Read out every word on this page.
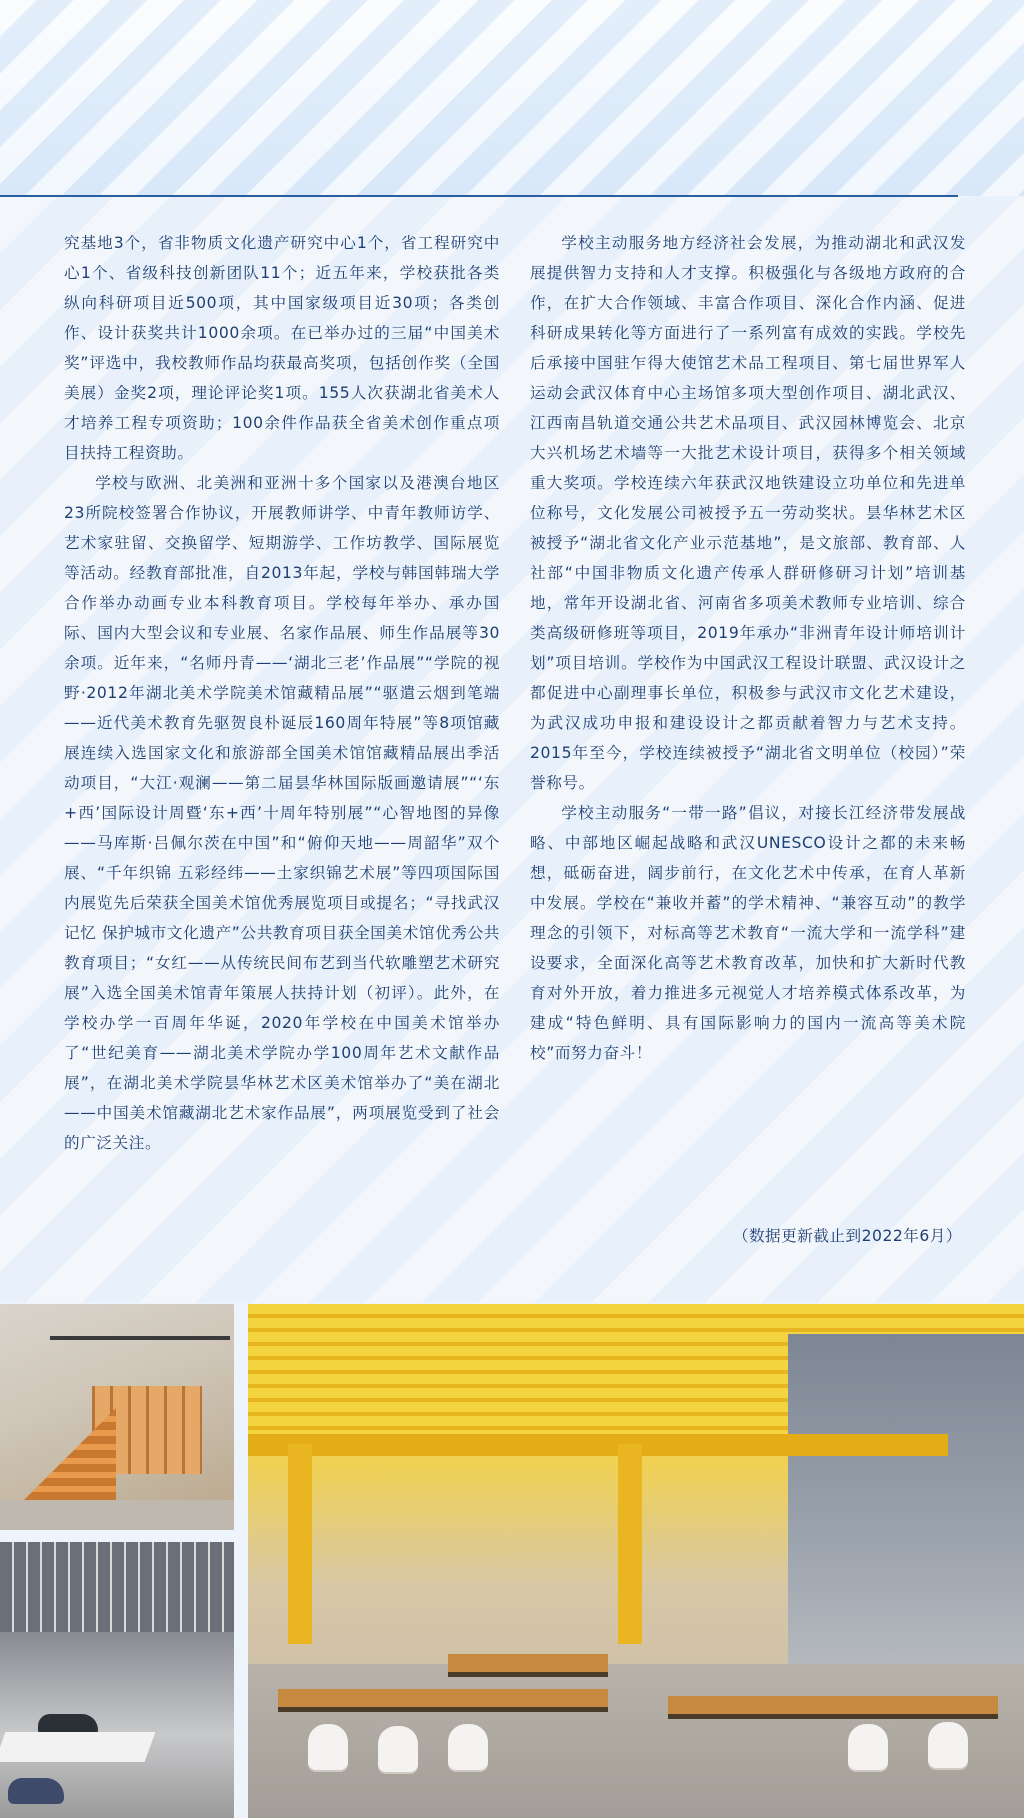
究基地3个，省非物质文化遗产研究中心1个，省工程研究中心1个、省级科技创新团队11个；近五年来，学校获批各类纵向科研项目近500项，其中国家级项目近30项；各类创作、设计获奖共计1000余项。在已举办过的三届“中国美术奖”评选中，我校教师作品均获最高奖项，包括创作奖（全国美展）金奖2项，理论评论奖1项。155人次获湖北省美术人才培养工程专项资助；100余件作品获全省美术创作重点项目扶持工程资助。

学校与欧洲、北美洲和亚洲十多个国家以及港澳台地区23所院校签署合作协议，开展教师讲学、中青年教师访学、艺术家驻留、交换留学、短期游学、工作坊教学、国际展览等活动。经教育部批准，自2013年起，学校与韩国韩瑞大学合作举办动画专业本科教育项目。学校每年举办、承办国际、国内大型会议和专业展、名家作品展、师生作品展等30余项。近年来，“名师丹青——‘湖北三老’作品展”“学院的视野·2012年湖北美术学院美术馆藏精品展”“驱遣云烟到笔端——近代美术教育先驱贺良朴诞辰160周年特展”等8项馆藏展连续入选国家文化和旅游部全国美术馆馆藏精品展出季活动项目，“大江·观澜——第二届昙华林国际版画邀请展”“‘东+西’国际设计周暨‘东+西’十周年特别展”“心智地图的异像——马库斯·吕佩尔茨在中国”和“俯仰天地——周韶华”双个展、“千年织锦 五彩经纬——土家织锦艺术展”等四项国际国内展览先后荣获全国美术馆优秀展览项目或提名；“寻找武汉记忆 保护城市文化遗产”公共教育项目获全国美术馆优秀公共教育项目；“女红——从传统民间布艺到当代软雕塑艺术研究展”入选全国美术馆青年策展人扶持计划（初评）。此外，在学校办学一百周年华诞，2020年学校在中国美术馆举办了“世纪美育——湖北美术学院办学100周年艺术文献作品展”，在湖北美术学院昙华林艺术区美术馆举办了“美在湖北——中国美术馆藏湖北艺术家作品展”，两项展览受到了社会的广泛关注。

学校主动服务地方经济社会发展，为推动湖北和武汉发展提供智力支持和人才支撑。积极强化与各级地方政府的合作，在扩大合作领域、丰富合作项目、深化合作内涵、促进科研成果转化等方面进行了一系列富有成效的实践。学校先后承接中国驻乍得大使馆艺术品工程项目、第七届世界军人运动会武汉体育中心主场馆多项大型创作项目、湖北武汉、江西南昌轨道交通公共艺术品项目、武汉园林博览会、北京大兴机场艺术墙等一大批艺术设计项目，获得多个相关领域重大奖项。学校连续六年获武汉地铁建设立功单位和先进单位称号，文化发展公司被授予五一劳动奖状。昙华林艺术区被授予“湖北省文化产业示范基地”，是文旅部、教育部、人社部“中国非物质文化遗产传承人群研修研习计划”培训基地，常年开设湖北省、河南省多项美术教师专业培训、综合类高级研修班等项目，2019年承办“非洲青年设计师培训计划”项目培训。学校作为中国武汉工程设计联盟、武汉设计之都促进中心副理事长单位，积极参与武汉市文化艺术建设，为武汉成功申报和建设设计之都贡献着智力与艺术支持。2015年至今，学校连续被授予“湖北省文明单位（校园）”荣誉称号。

学校主动服务“一带一路”倡议，对接长江经济带发展战略、中部地区崛起战略和武汉UNESCO设计之都的未来畅想，砥砺奋进，阔步前行，在文化艺术中传承，在育人革新中发展。学校在“兼收并蓄”的学术精神、“兼容互动”的教学理念的引领下，对标高等艺术教育“一流大学和一流学科”建设要求，全面深化高等艺术教育改革，加快和扩大新时代教育对外开放，着力推进多元视觉人才培养模式体系改革，为建成“特色鲜明、具有国际影响力的国内一流高等美术院校”而努力奋斗！

（数据更新截止到2022年6月）
